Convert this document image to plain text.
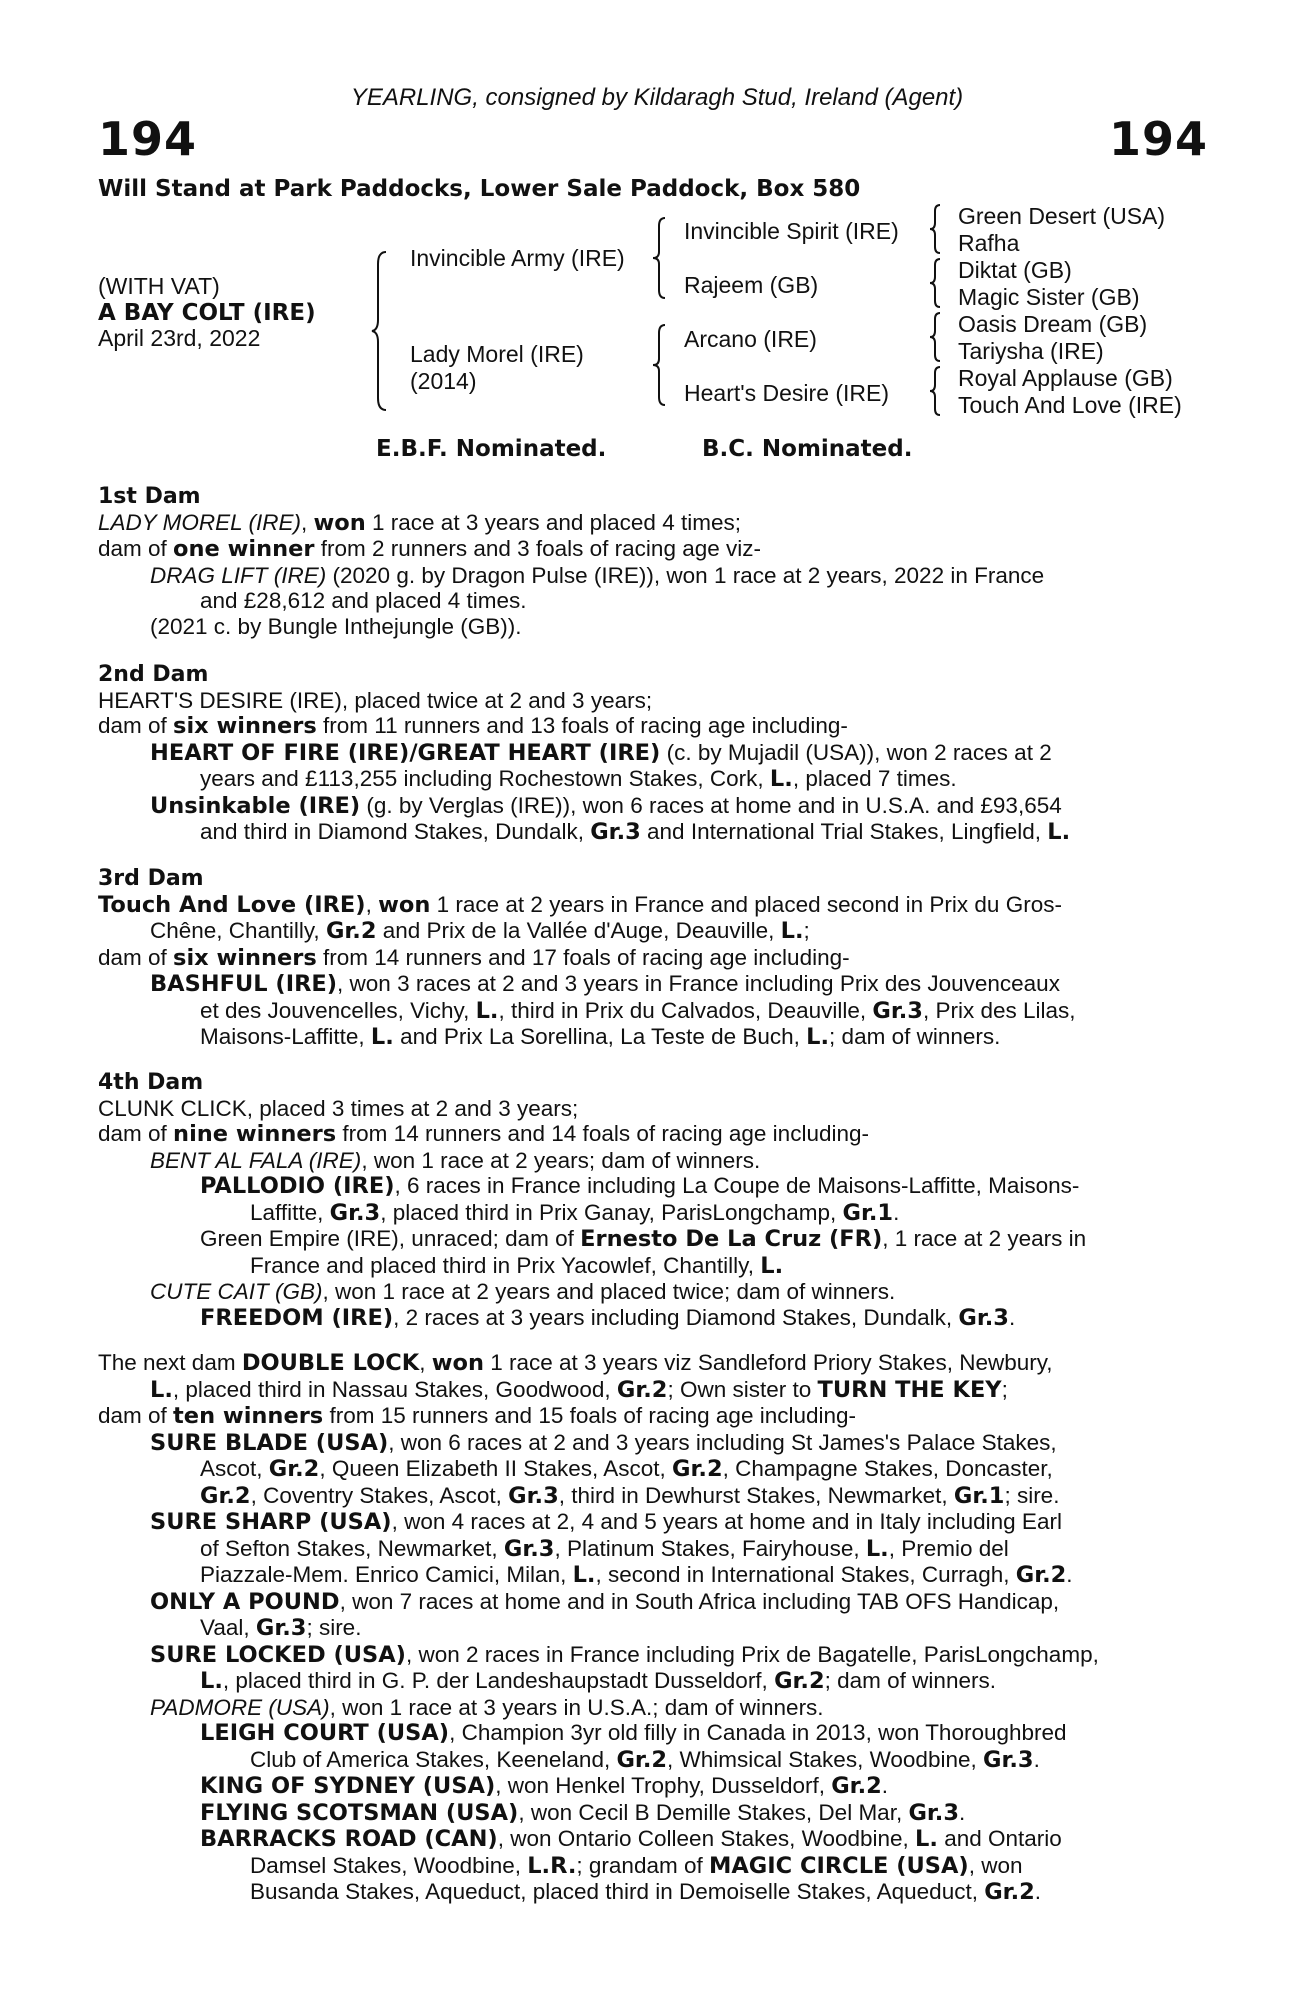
YEARLING, consigned by Kildaragh Stud, Ireland (Agent)
194	194
Will Stand at Park Paddocks, Lower Sale Paddock, Box 580
(WITH VAT)
A BAY COLT (IRE)
April 23rd, 2022
Invincible Army (IRE)
Lady Morel (IRE)
(2014)
Invincible Spirit (IRE)
Rajeem (GB)
Arcano (IRE)
Heart's Desire (IRE)
Green Desert (USA)
Rafha
Diktat (GB)
Magic Sister (GB)
Oasis Dream (GB)
Tariysha (IRE)
Royal Applause (GB)
Touch And Love (IRE)
E.B.F. Nominated.	B.C. Nominated.
1st Dam
LADY MOREL (IRE), won 1 race at 3 years and placed 4 times;
dam of one winner from 2 runners and 3 foals of racing age viz-
DRAG LIFT (IRE) (2020 g. by Dragon Pulse (IRE)), won 1 race at 2 years, 2022 in France
and £28,612 and placed 4 times.
(2021 c. by Bungle Inthejungle (GB)).
2nd Dam
HEART'S DESIRE (IRE), placed twice at 2 and 3 years;
dam of six winners from 11 runners and 13 foals of racing age including-
HEART OF FIRE (IRE)/GREAT HEART (IRE) (c. by Mujadil (USA)), won 2 races at 2
years and £113,255 including Rochestown Stakes, Cork, L., placed 7 times.
Unsinkable (IRE) (g. by Verglas (IRE)), won 6 races at home and in U.S.A. and £93,654
and third in Diamond Stakes, Dundalk, Gr.3 and International Trial Stakes, Lingfield, L.
3rd Dam
Touch And Love (IRE), won 1 race at 2 years in France and placed second in Prix du Gros-
Chêne, Chantilly, Gr.2 and Prix de la Vallée d'Auge, Deauville, L.;
dam of six winners from 14 runners and 17 foals of racing age including-
BASHFUL (IRE), won 3 races at 2 and 3 years in France including Prix des Jouvenceaux
et des Jouvencelles, Vichy, L., third in Prix du Calvados, Deauville, Gr.3, Prix des Lilas,
Maisons-Laffitte, L. and Prix La Sorellina, La Teste de Buch, L.; dam of winners.
4th Dam
CLUNK CLICK, placed 3 times at 2 and 3 years;
dam of nine winners from 14 runners and 14 foals of racing age including-
BENT AL FALA (IRE), won 1 race at 2 years; dam of winners.
PALLODIO (IRE), 6 races in France including La Coupe de Maisons-Laffitte, Maisons-
Laffitte, Gr.3, placed third in Prix Ganay, ParisLongchamp, Gr.1.
Green Empire (IRE), unraced; dam of Ernesto De La Cruz (FR), 1 race at 2 years in
France and placed third in Prix Yacowlef, Chantilly, L.
CUTE CAIT (GB), won 1 race at 2 years and placed twice; dam of winners.
FREEDOM (IRE), 2 races at 3 years including Diamond Stakes, Dundalk, Gr.3.
The next dam DOUBLE LOCK, won 1 race at 3 years viz Sandleford Priory Stakes, Newbury,
L., placed third in Nassau Stakes, Goodwood, Gr.2; Own sister to TURN THE KEY;
dam of ten winners from 15 runners and 15 foals of racing age including-
SURE BLADE (USA), won 6 races at 2 and 3 years including St James's Palace Stakes,
Ascot, Gr.2, Queen Elizabeth II Stakes, Ascot, Gr.2, Champagne Stakes, Doncaster,
Gr.2, Coventry Stakes, Ascot, Gr.3, third in Dewhurst Stakes, Newmarket, Gr.1; sire.
SURE SHARP (USA), won 4 races at 2, 4 and 5 years at home and in Italy including Earl
of Sefton Stakes, Newmarket, Gr.3, Platinum Stakes, Fairyhouse, L., Premio del
Piazzale-Mem. Enrico Camici, Milan, L., second in International Stakes, Curragh, Gr.2.
ONLY A POUND, won 7 races at home and in South Africa including TAB OFS Handicap,
Vaal, Gr.3; sire.
SURE LOCKED (USA), won 2 races in France including Prix de Bagatelle, ParisLongchamp,
L., placed third in G. P. der Landeshaupstadt Dusseldorf, Gr.2; dam of winners.
PADMORE (USA), won 1 race at 3 years in U.S.A.; dam of winners.
LEIGH COURT (USA), Champion 3yr old filly in Canada in 2013, won Thoroughbred
Club of America Stakes, Keeneland, Gr.2, Whimsical Stakes, Woodbine, Gr.3.
KING OF SYDNEY (USA), won Henkel Trophy, Dusseldorf, Gr.2.
FLYING SCOTSMAN (USA), won Cecil B Demille Stakes, Del Mar, Gr.3.
BARRACKS ROAD (CAN), won Ontario Colleen Stakes, Woodbine, L. and Ontario
Damsel Stakes, Woodbine, L.R.; grandam of MAGIC CIRCLE (USA), won
Busanda Stakes, Aqueduct, placed third in Demoiselle Stakes, Aqueduct, Gr.2.
